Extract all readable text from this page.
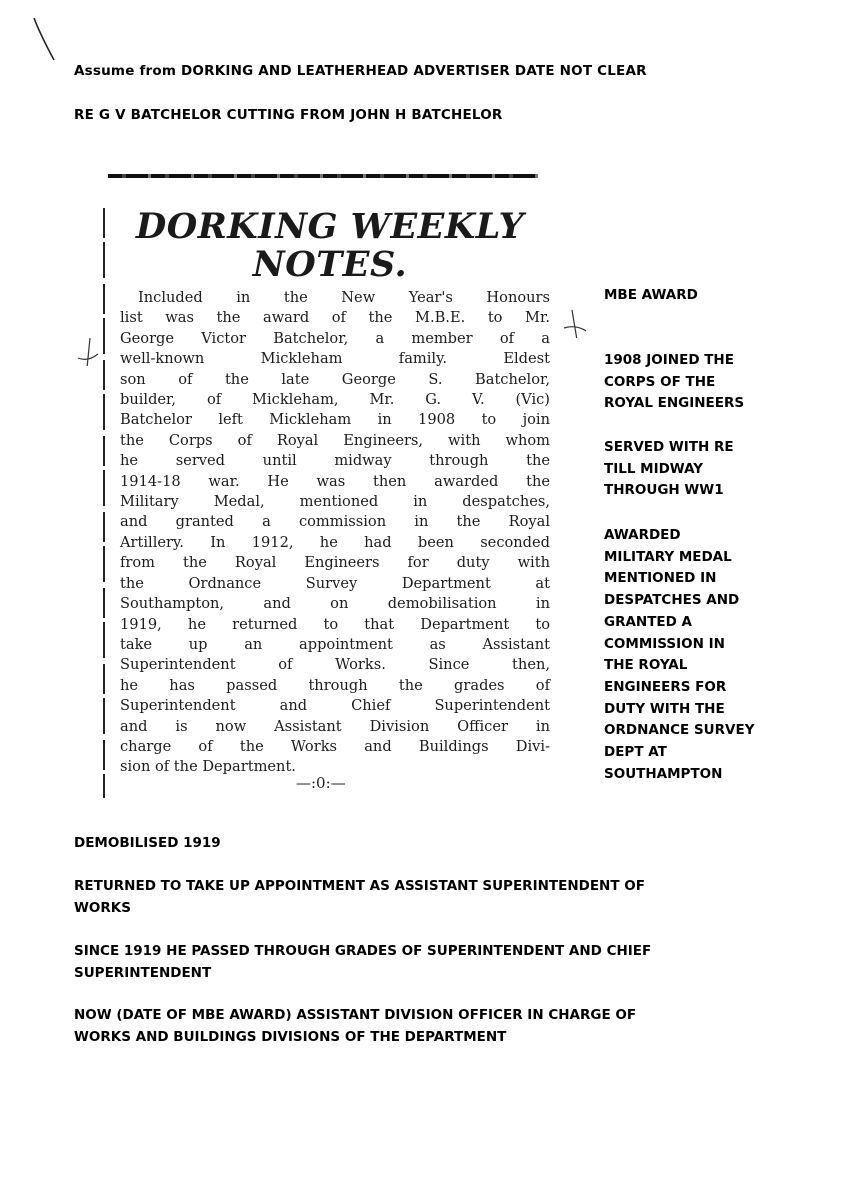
Assume from DORKING AND LEATHERHEAD ADVERTISER DATE NOT CLEAR
RE G V BATCHELOR CUTTING FROM JOHN H BATCHELOR
DORKING WEEKLY
NOTES.
Included in the New Year's Honours
list was the award of the M.B.E. to Mr.
George Victor Batchelor, a member of a
well-known Mickleham family. Eldest
son of the late George S. Batchelor,
builder, of Mickleham, Mr. G. V. (Vic)
Batchelor left Mickleham in 1908 to join
the Corps of Royal Engineers, with whom
he served until midway through the
1914-18 war. He was then awarded the
Military Medal, mentioned in despatches,
and granted a commission in the Royal
Artillery. In 1912, he had been seconded
from the Royal Engineers for duty with
the Ordnance Survey Department at
Southampton, and on demobilisation in
1919, he returned to that Department to
take up an appointment as Assistant
Superintendent of Works. Since then,
he has passed through the grades of
Superintendent and Chief Superintendent
and is now Assistant Division Officer in
charge of the Works and Buildings Divi-
sion of the Department.
—:0:—
MBE AWARD
1908 JOINED THE
CORPS OF THE
ROYAL ENGINEERS
SERVED WITH RE
TILL MIDWAY
THROUGH WW1
AWARDED
MILITARY MEDAL
MENTIONED IN
DESPATCHES AND
GRANTED A
COMMISSION IN
THE ROYAL
ENGINEERS FOR
DUTY WITH THE
ORDNANCE SURVEY
DEPT AT
SOUTHAMPTON
DEMOBILISED 1919
RETURNED TO TAKE UP APPOINTMENT AS ASSISTANT SUPERINTENDENT OF
WORKS
SINCE 1919 HE PASSED THROUGH GRADES OF SUPERINTENDENT AND CHIEF
SUPERINTENDENT
NOW (DATE OF MBE AWARD) ASSISTANT DIVISION OFFICER IN CHARGE OF
WORKS AND BUILDINGS DIVISIONS OF THE DEPARTMENT
